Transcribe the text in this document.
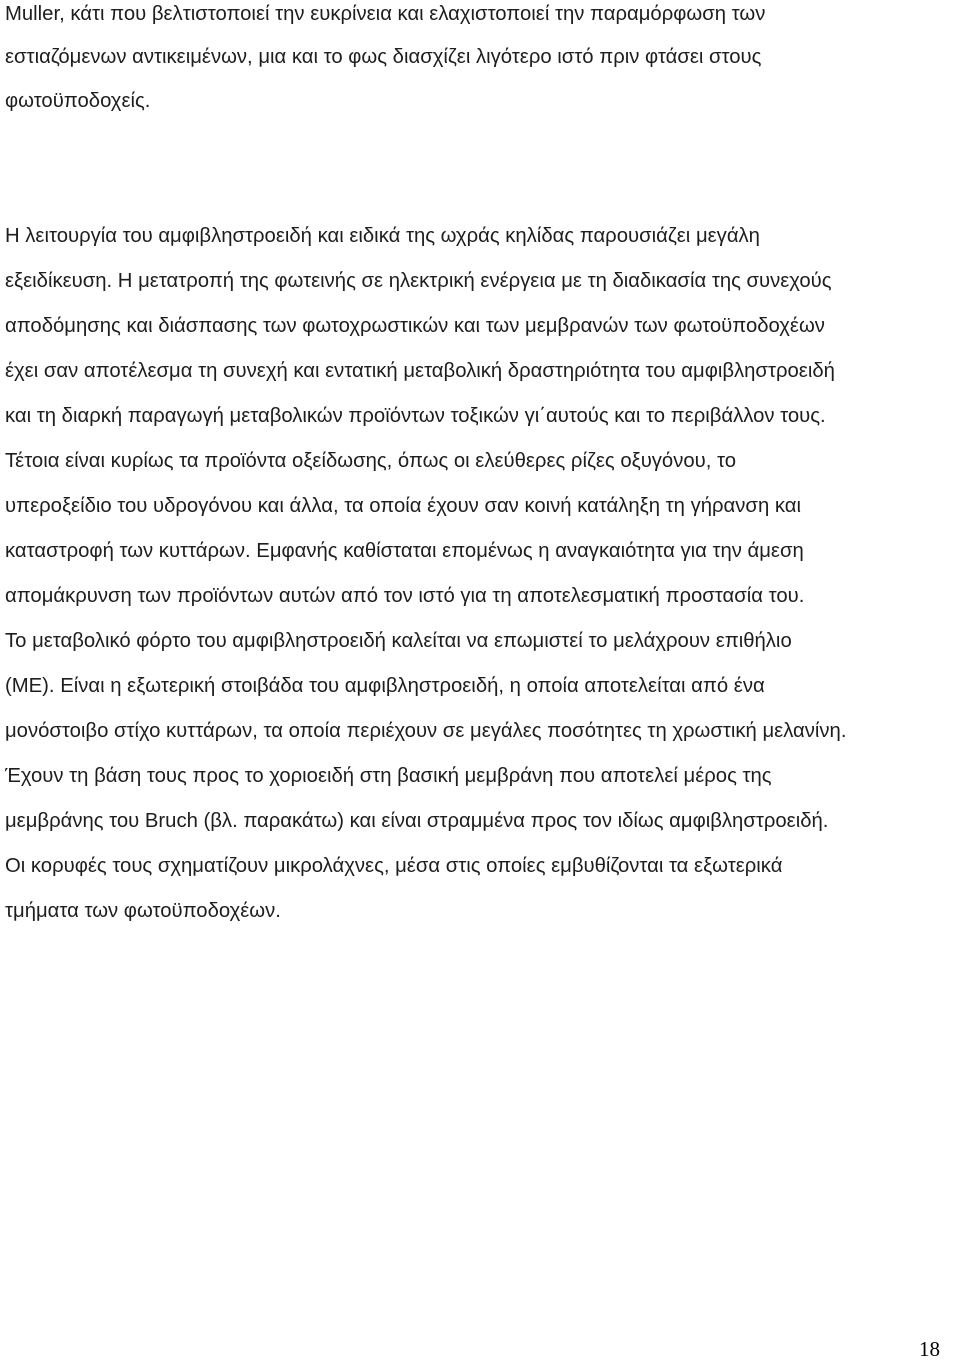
Muller, κάτι που βελτιστοποιεί την ευκρίνεια και ελαχιστοποιεί την παραμόρφωση των

εστιαζόμενων αντικειμένων, μια και το φως διασχίζει λιγότερο ιστό πριν φτάσει στους

φωτοϋποδοχείς.

Η λειτουργία του αμφιβληστροειδή και ειδικά της ωχράς κηλίδας παρουσιάζει μεγάλη

εξειδίκευση. Η μετατροπή της φωτεινής σε ηλεκτρική ενέργεια με τη διαδικασία της συνεχούς

αποδόμησης και διάσπασης των φωτοχρωστικών και των μεμβρανών των φωτοϋποδοχέων

έχει σαν αποτέλεσμα τη συνεχή και εντατική μεταβολική δραστηριότητα του αμφιβληστροειδή

και τη διαρκή παραγωγή μεταβολικών προϊόντων τοξικών γι΄αυτούς και το περιβάλλον τους.

Τέτοια είναι κυρίως τα προϊόντα οξείδωσης, όπως οι ελεύθερες ρίζες οξυγόνου, το

υπεροξείδιο του υδρογόνου και άλλα, τα οποία έχουν σαν κοινή κατάληξη τη γήρανση και

καταστροφή των κυττάρων. Εμφανής καθίσταται επομένως η αναγκαιότητα για την άμεση

απομάκρυνση των προϊόντων αυτών από τον ιστό για τη αποτελεσματική προστασία του.

Το μεταβολικό φόρτο του αμφιβληστροειδή καλείται να επωμιστεί το μελάχρουν επιθήλιο

(ΜΕ). Είναι η εξωτερική στοιβάδα του αμφιβληστροειδή, η οποία αποτελείται από ένα

μονόστοιβο στίχο κυττάρων, τα οποία περιέχουν σε μεγάλες ποσότητες τη χρωστική μελανίνη.

Έχουν τη βάση τους προς το χοριοειδή στη βασική μεμβράνη που αποτελεί μέρος της

μεμβράνης του Bruch (βλ. παρακάτω) και είναι στραμμένα προς τον ιδίως αμφιβληστροειδή.

Οι κορυφές τους σχηματίζουν μικρολάχνες, μέσα στις οποίες εμβυθίζονται τα εξωτερικά

τμήματα των φωτοϋποδοχέων.

18
